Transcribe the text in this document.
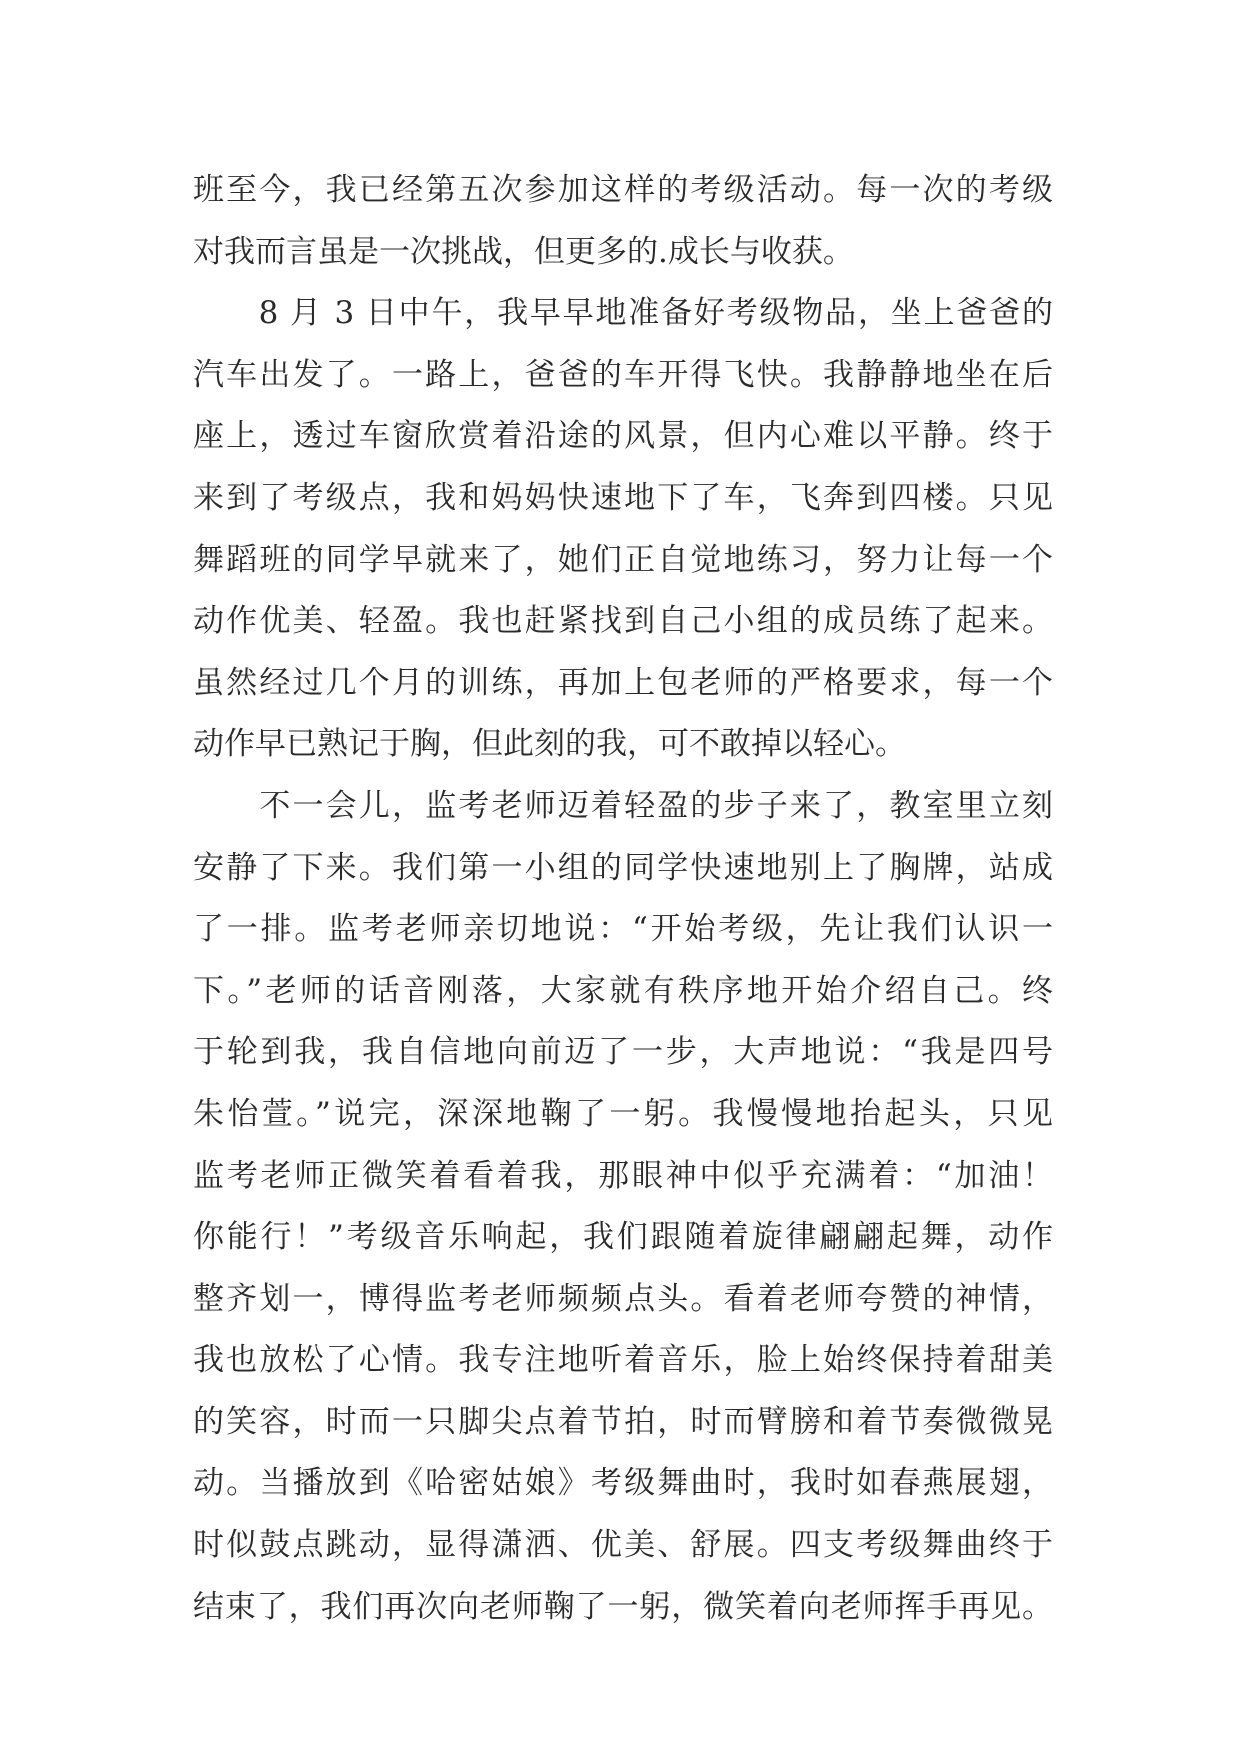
班至今，我已经第五次参加这样的考级活动。每一次的考级
对我而言虽是一次挑战，但更多的.成长与收获。
　　8 月 3 日中午，我早早地准备好考级物品，坐上爸爸的
汽车出发了。一路上，爸爸的车开得飞快。我静静地坐在后
座上，透过车窗欣赏着沿途的风景，但内心难以平静。终于
来到了考级点，我和妈妈快速地下了车，飞奔到四楼。只见
舞蹈班的同学早就来了，她们正自觉地练习，努力让每一个
动作优美、轻盈。我也赶紧找到自己小组的成员练了起来。
虽然经过几个月的训练，再加上包老师的严格要求，每一个
动作早已熟记于胸，但此刻的我，可不敢掉以轻心。
　　不一会儿，监考老师迈着轻盈的步子来了，教室里立刻
安静了下来。我们第一小组的同学快速地别上了胸牌，站成
了一排。监考老师亲切地说：“开始考级，先让我们认识一
下。”老师的话音刚落，大家就有秩序地开始介绍自己。终
于轮到我，我自信地向前迈了一步，大声地说：“我是四号
朱怡萱。”说完，深深地鞠了一躬。我慢慢地抬起头，只见
监考老师正微笑着看着我，那眼神中似乎充满着：“加油！
你能行！”考级音乐响起，我们跟随着旋律翩翩起舞，动作
整齐划一，博得监考老师频频点头。看着老师夸赞的神情，
我也放松了心情。我专注地听着音乐，脸上始终保持着甜美
的笑容，时而一只脚尖点着节拍，时而臂膀和着节奏微微晃
动。当播放到《哈密姑娘》考级舞曲时，我时如春燕展翅，
时似鼓点跳动，显得潇洒、优美、舒展。四支考级舞曲终于
结束了，我们再次向老师鞠了一躬，微笑着向老师挥手再见。
